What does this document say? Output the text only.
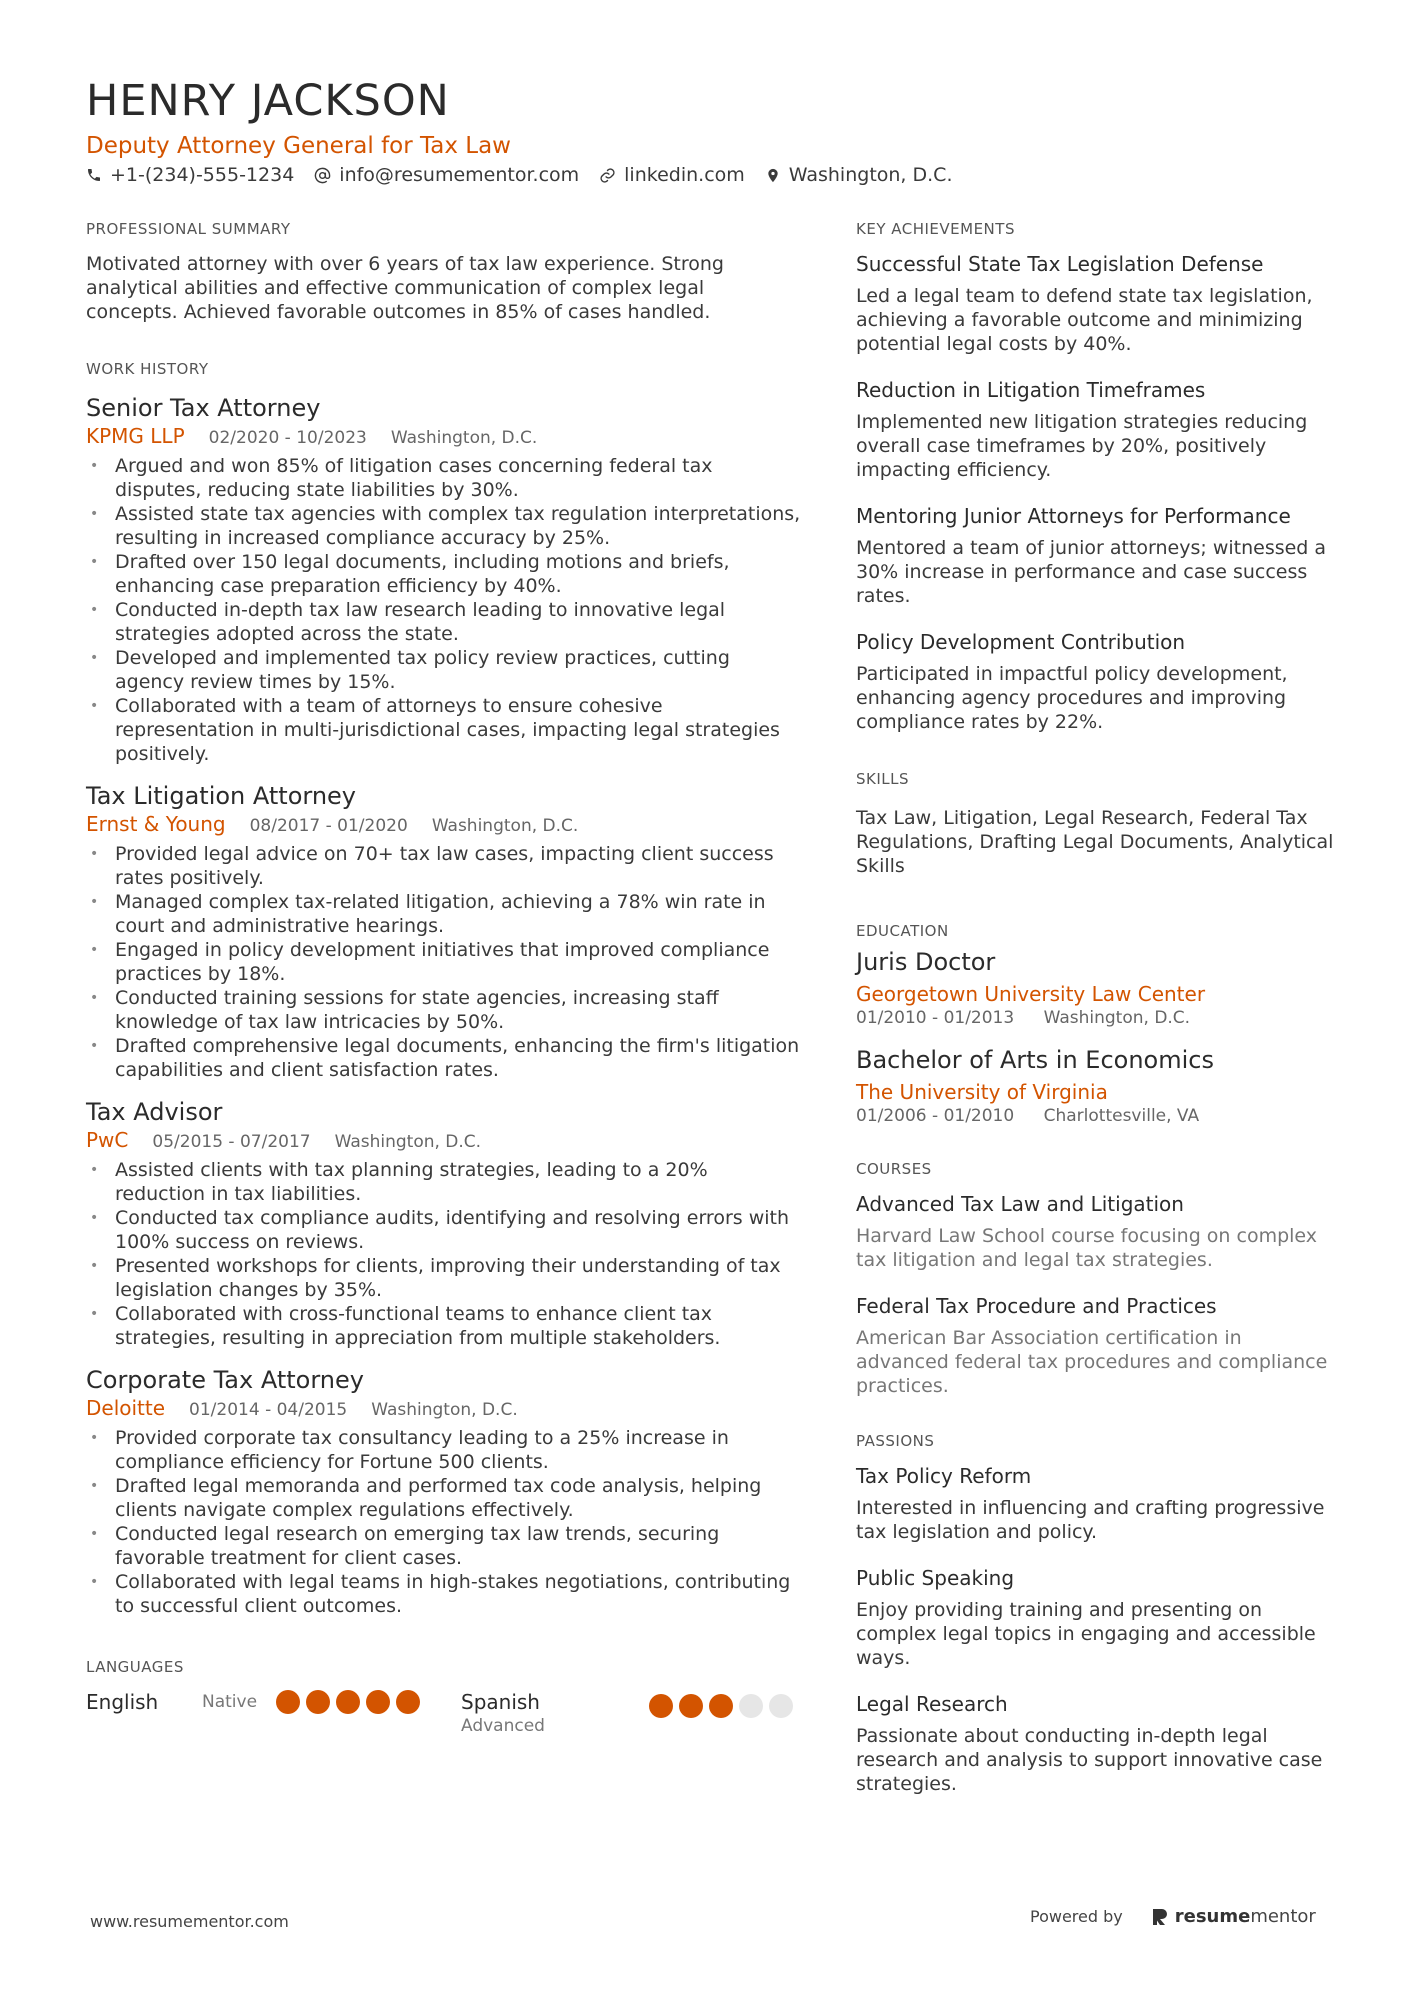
HENRY JACKSON
Deputy Attorney General for Tax Law
+1-(234)-555-1234 info@resumementor.com linkedin.com Washington, D.C.
PROFESSIONAL SUMMARY

Motivated attorney with over 6 years of tax law experience. Strong analytical abilities and effective communication of complex legal concepts. Achieved favorable outcomes in 85% of cases handled.

WORK HISTORY
Senior Tax Attorney
KPMG LLP 02/2020 - 10/2023 Washington, D.C.
• Argued and won 85% of litigation cases concerning federal tax disputes, reducing state liabilities by 30%.
• Assisted state tax agencies with complex tax regulation interpretations, resulting in increased compliance accuracy by 25%.
• Drafted over 150 legal documents, including motions and briefs, enhancing case preparation efficiency by 40%.
• Conducted in-depth tax law research leading to innovative legal strategies adopted across the state.
• Developed and implemented tax policy review practices, cutting agency review times by 15%.
• Collaborated with a team of attorneys to ensure cohesive representation in multi-jurisdictional cases, impacting legal strategies positively.
Tax Litigation Attorney
Ernst & Young 08/2017 - 01/2020 Washington, D.C.
• Provided legal advice on 70+ tax law cases, impacting client success rates positively.
• Managed complex tax-related litigation, achieving a 78% win rate in court and administrative hearings.
• Engaged in policy development initiatives that improved compliance practices by 18%.
• Conducted training sessions for state agencies, increasing staff knowledge of tax law intricacies by 50%.
• Drafted comprehensive legal documents, enhancing the firm's litigation capabilities and client satisfaction rates.
Tax Advisor
PwC 05/2015 - 07/2017 Washington, D.C.
• Assisted clients with tax planning strategies, leading to a 20% reduction in tax liabilities.
• Conducted tax compliance audits, identifying and resolving errors with 100% success on reviews.
• Presented workshops for clients, improving their understanding of tax legislation changes by 35%.
• Collaborated with cross-functional teams to enhance client tax strategies, resulting in appreciation from multiple stakeholders.
Corporate Tax Attorney
Deloitte 01/2014 - 04/2015 Washington, D.C.
• Provided corporate tax consultancy leading to a 25% increase in compliance efficiency for Fortune 500 clients.
• Drafted legal memoranda and performed tax code analysis, helping clients navigate complex regulations effectively.
• Conducted legal research on emerging tax law trends, securing favorable treatment for client cases.
• Collaborated with legal teams in high-stakes negotiations, contributing to successful client outcomes.
LANGUAGES
English	Native	Spanish
Advanced
KEY ACHIEVEMENTS
Successful State Tax Legislation Defense

Led a legal team to defend state tax legislation, achieving a favorable outcome and minimizing potential legal costs by 40%.

Reduction in Litigation Timeframes

Implemented new litigation strategies reducing overall case timeframes by 20%, positively impacting efficiency.

Mentoring Junior Attorneys for Performance

Mentored a team of junior attorneys; witnessed a 30% increase in performance and case success rates.

Policy Development Contribution

Participated in impactful policy development, enhancing agency procedures and improving compliance rates by 22%.

SKILLS

Tax Law, Litigation, Legal Research, Federal Tax Regulations, Drafting Legal Documents, Analytical Skills

EDUCATION
Juris Doctor
Georgetown University Law Center
01/2010 - 01/2013 Washington, D.C.
Bachelor of Arts in Economics
The University of Virginia
01/2006 - 01/2010 Charlottesville, VA
COURSES
Advanced Tax Law and Litigation
Harvard Law School course focusing on complex tax litigation and legal tax strategies.
Federal Tax Procedure and Practices
American Bar Association certification in advanced federal tax procedures and compliance practices.
PASSIONS
Tax Policy Reform

Interested in influencing and crafting progressive tax legislation and policy.

Public Speaking

Enjoy providing training and presenting on complex legal topics in engaging and accessible ways.

Legal Research

Passionate about conducting in-depth legal research and analysis to support innovative case strategies.

www.resumementor.com	Powered by	resume mentor
